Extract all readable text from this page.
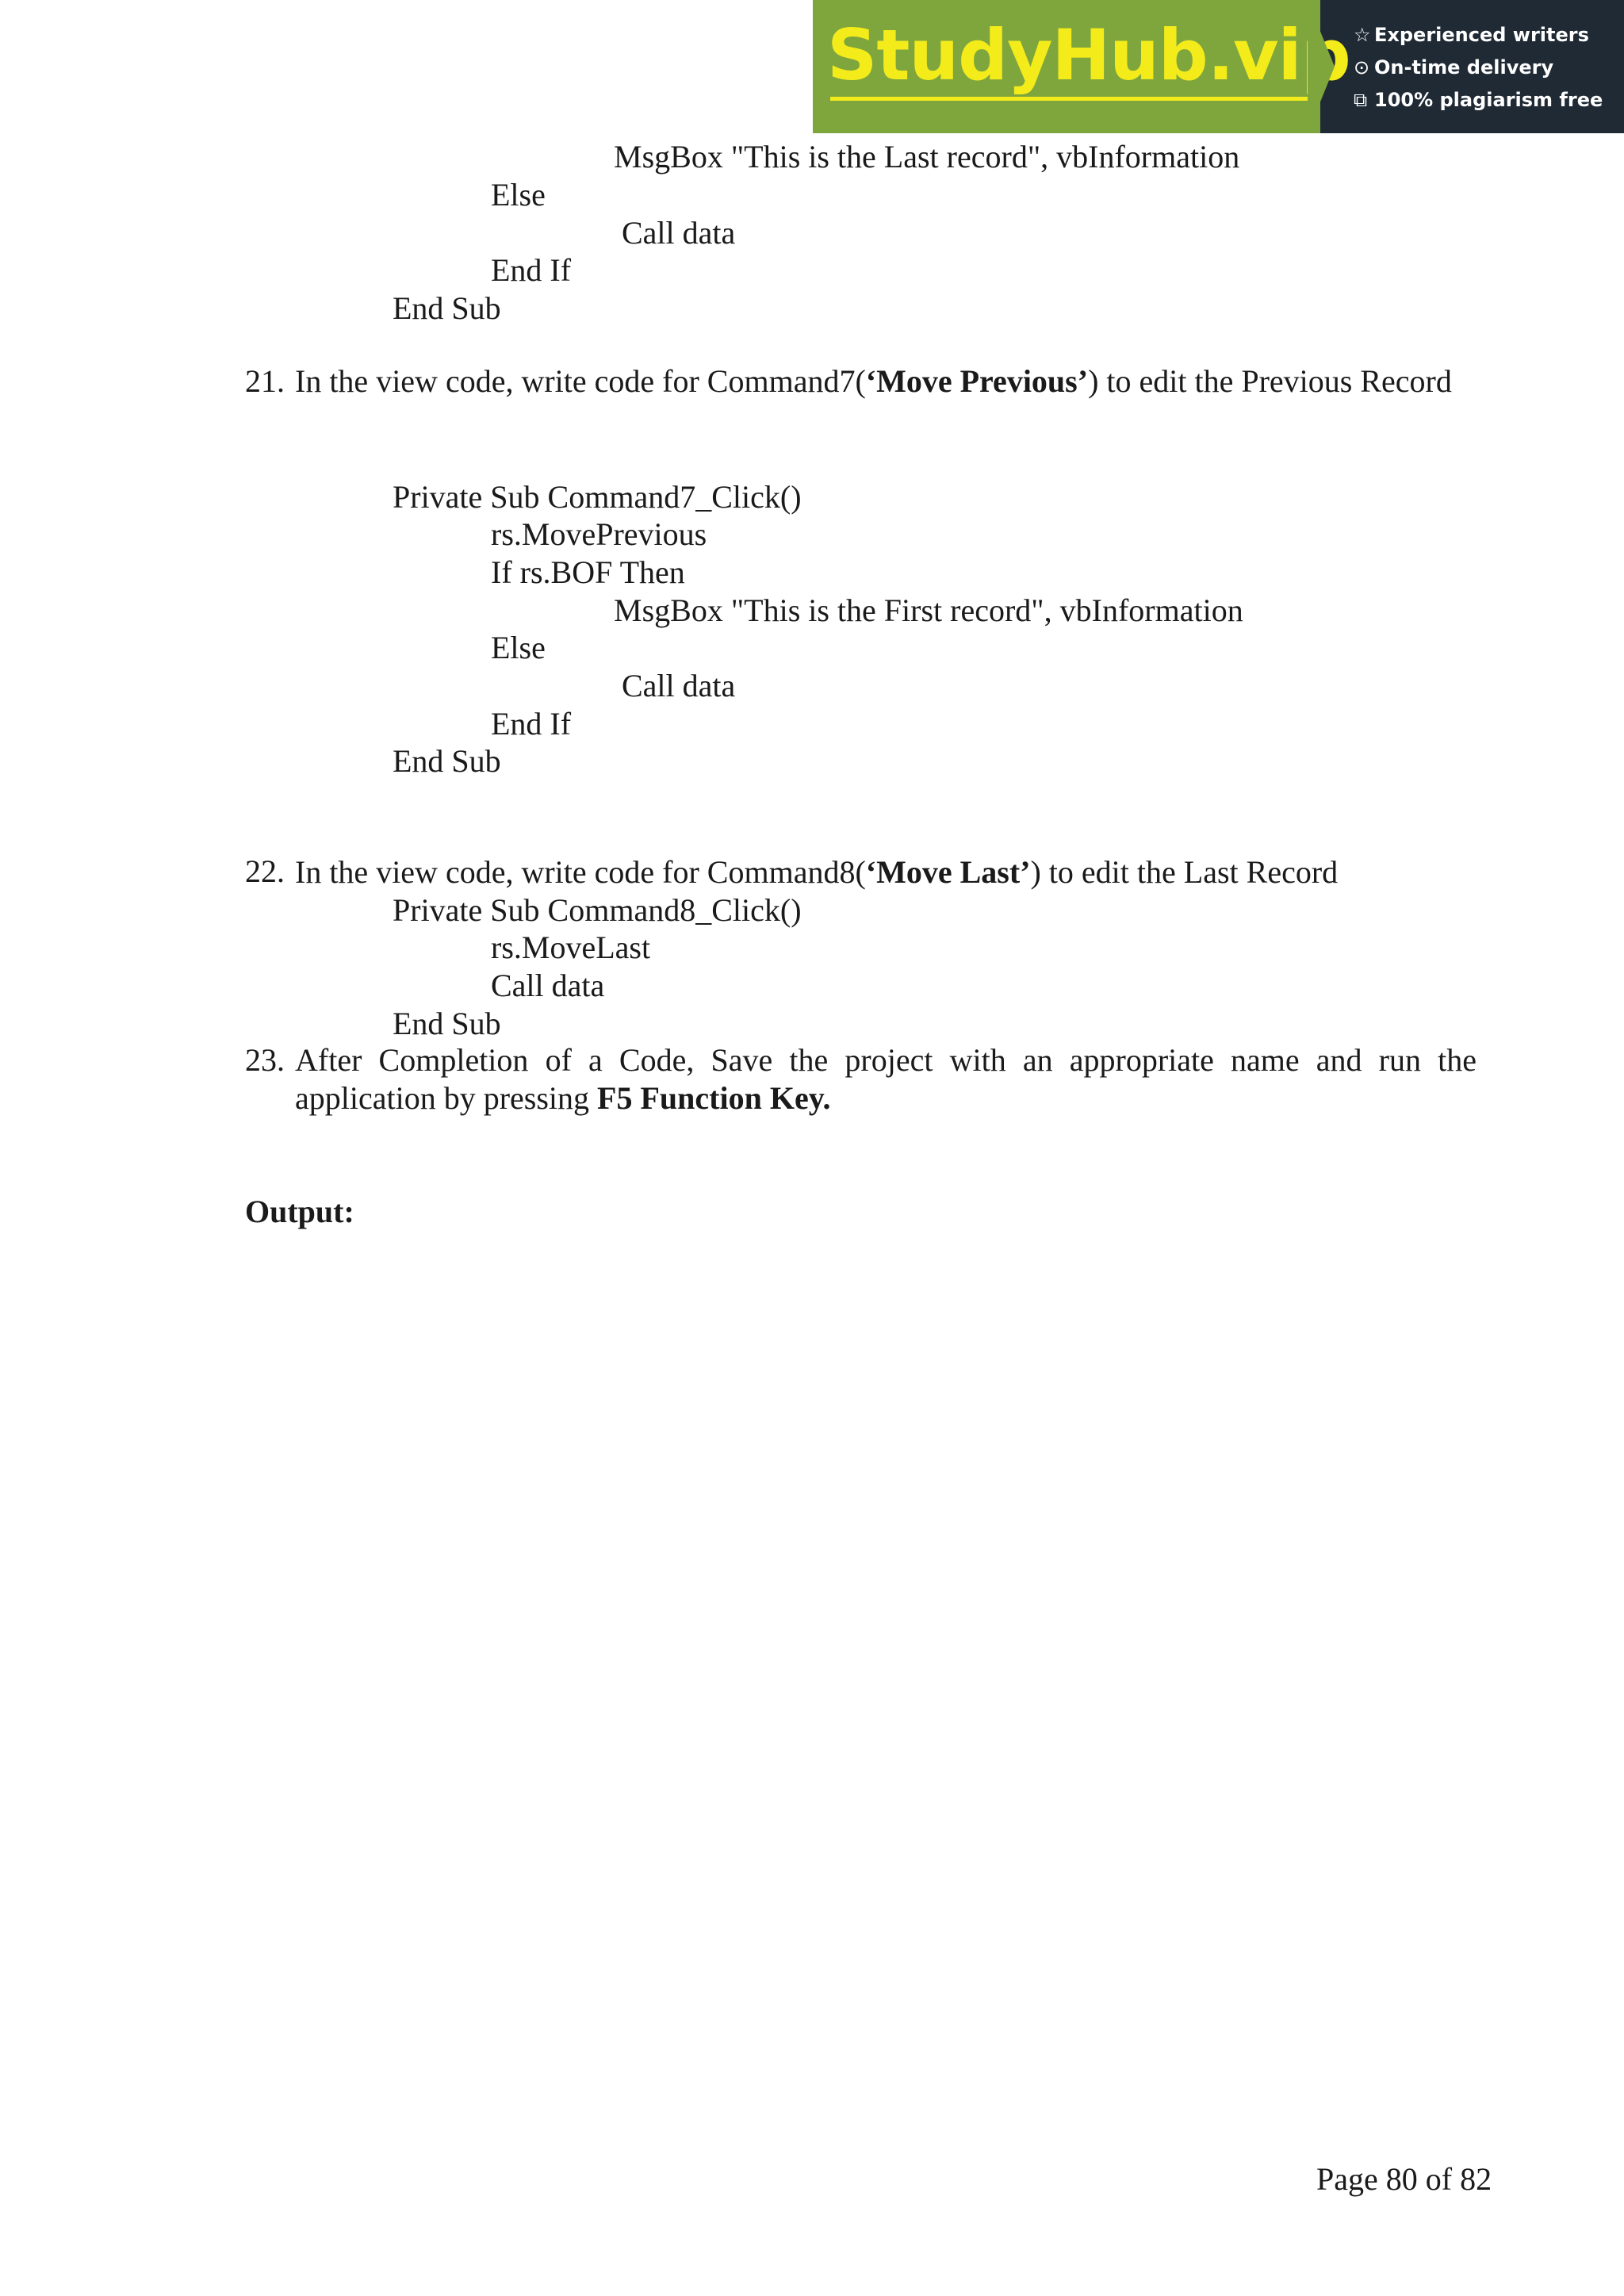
StudyHub.vip ☆ Experienced writers
⊙ On-time delivery
⧉ 100% plagiarism free
MsgBox "This is the Last record", vbInformation
Else
Call data
End If
End Sub
21. In the view code, write code for Command7(‘Move Previous’) to edit the Previous Record
Private Sub Command7_Click()
rs.MovePrevious
If rs.BOF Then
MsgBox "This is the First record", vbInformation
Else
Call data
End If
End Sub
22. In the view code, write code for Command8(‘Move Last’) to edit the Last Record
Private Sub Command8_Click()
rs.MoveLast
Call data
End Sub
23. After Completion of a Code, Save the project with an appropriate name and run the application by pressing F5 Function Key.
Output:
Page 80 of 82
